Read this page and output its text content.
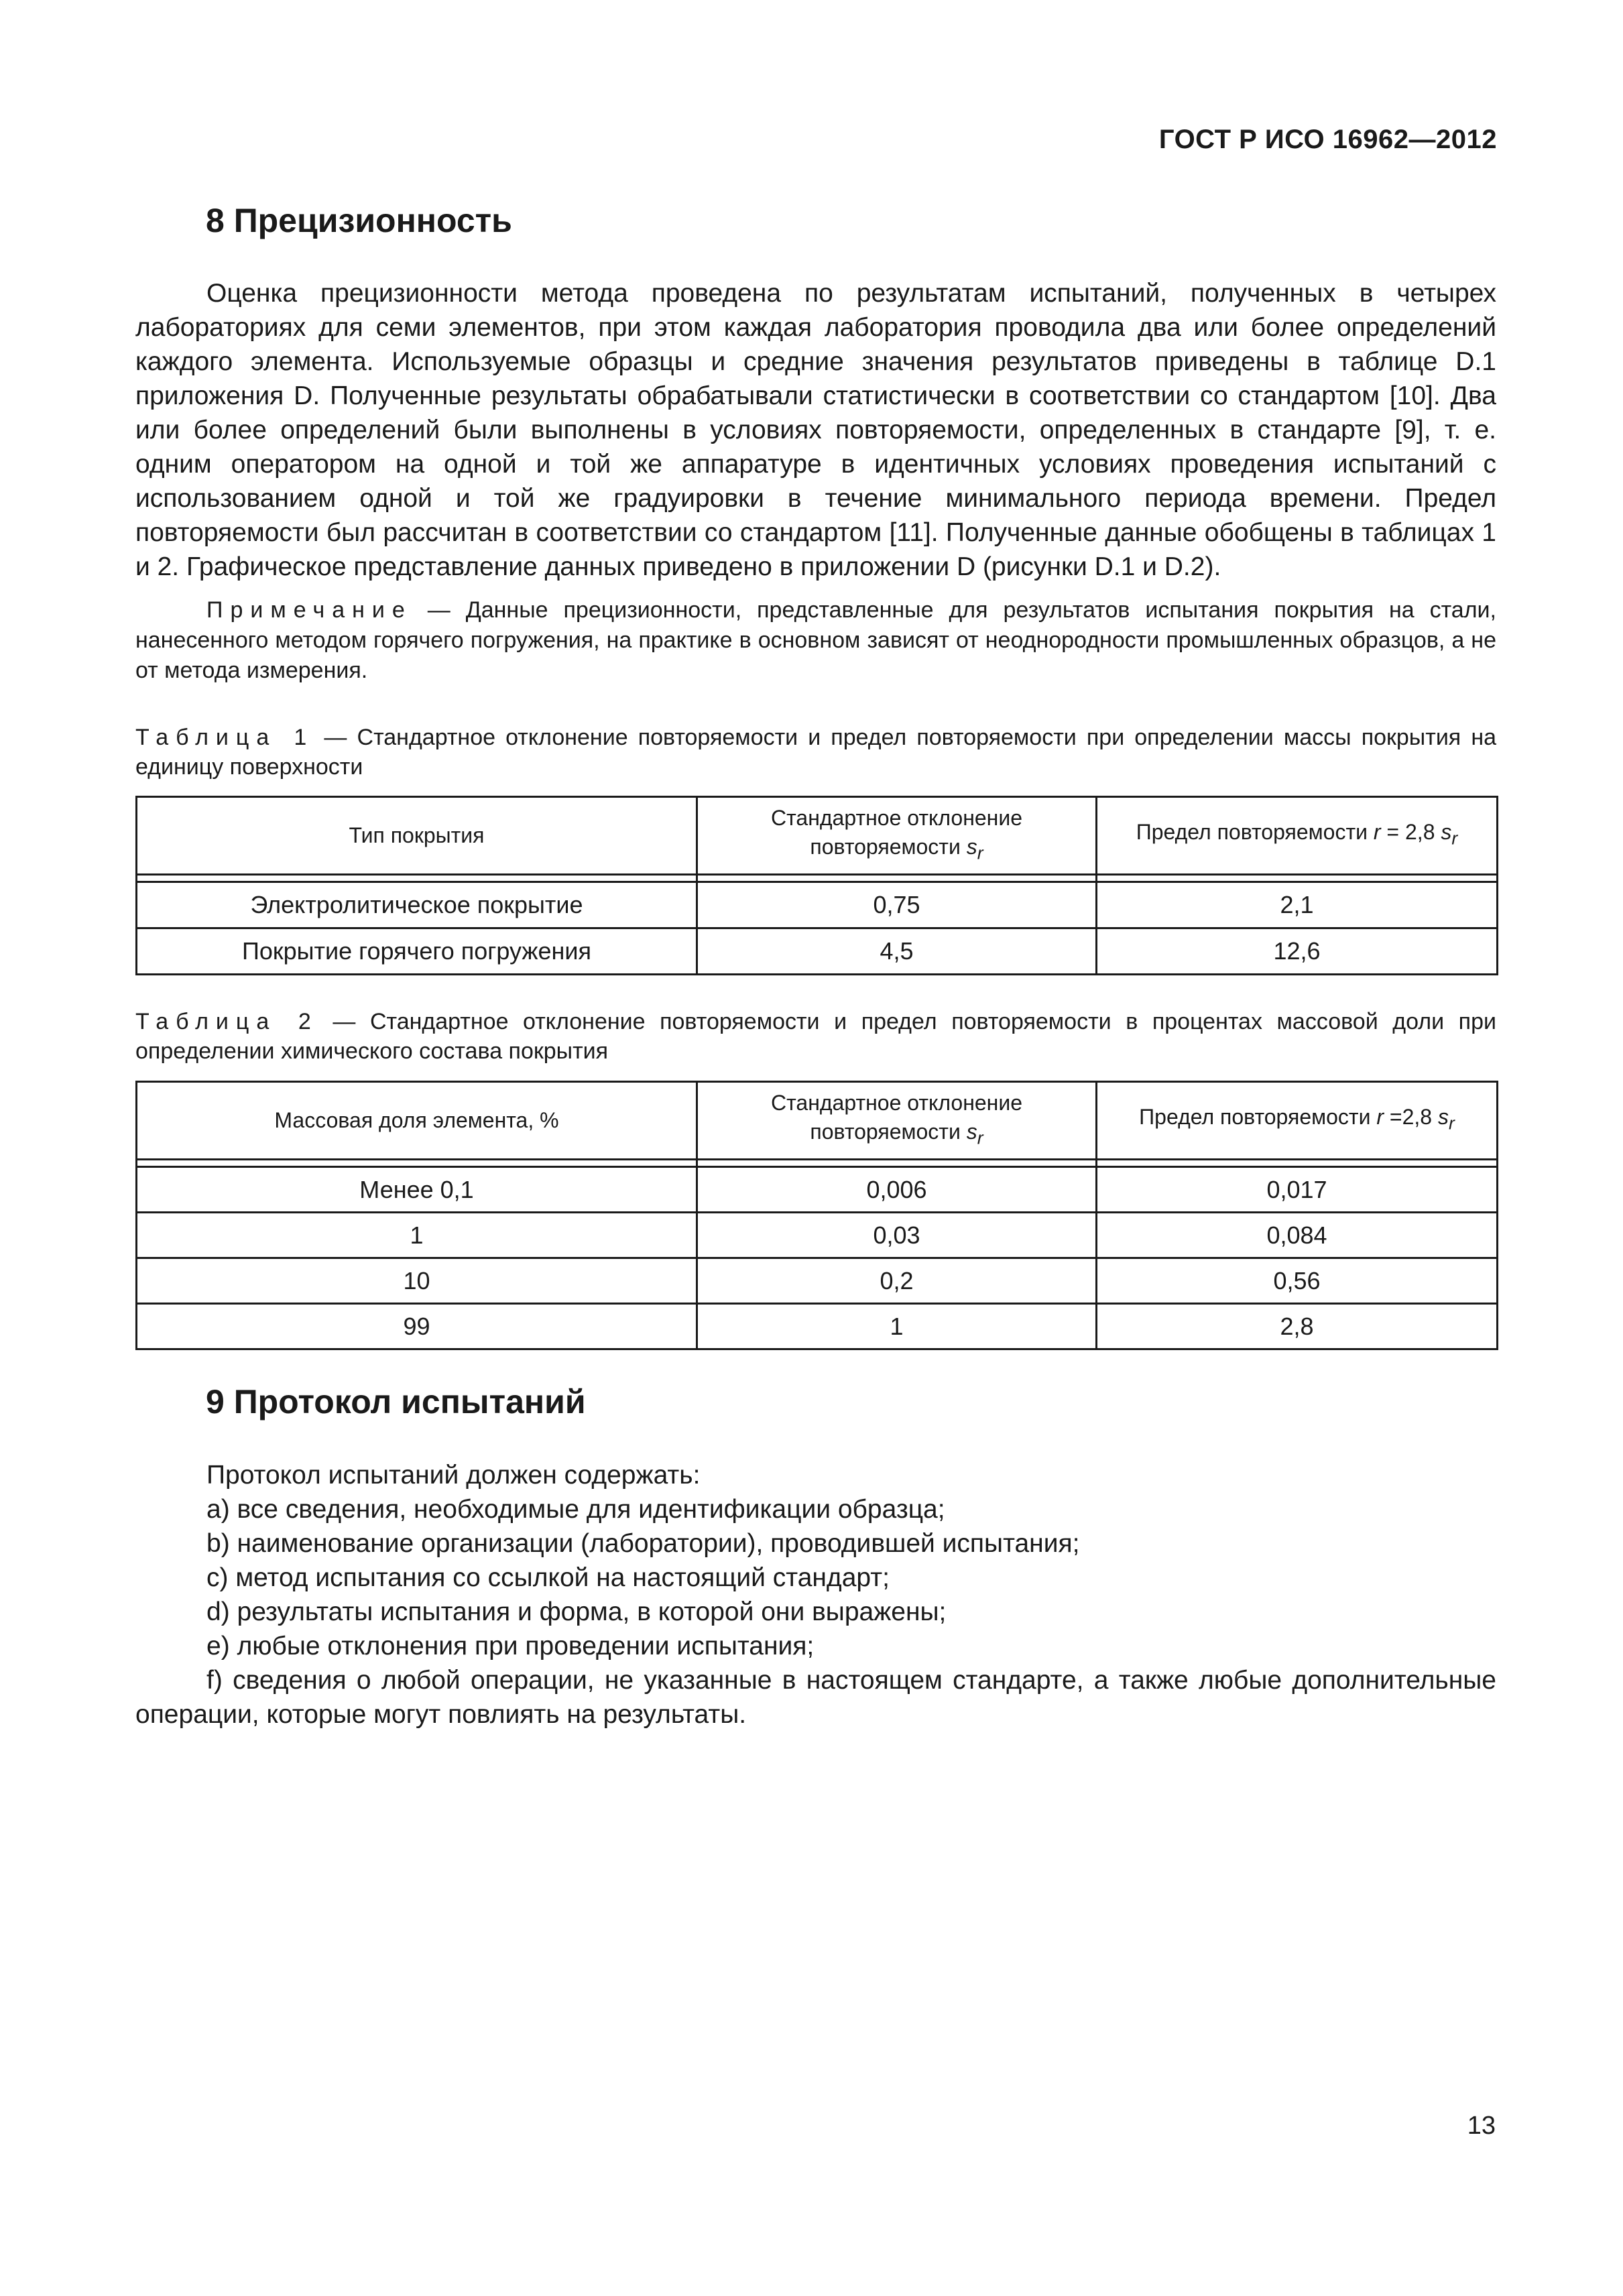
ГОСТ Р ИСО 16962—2012
8 Прецизионность
Оценка прецизионности метода проведена по результатам испытаний, полученных в четырех лабораториях для семи элементов, при этом каждая лаборатория проводила два или более определений каждого элемента. Используемые образцы и средние значения результатов приведены в таблице D.1 приложения D. Полученные результаты обрабатывали статистически в соответствии со стандартом [10]. Два или более определений были выполнены в условиях повторяемости, определенных в стандарте [9], т. е. одним оператором на одной и той же аппаратуре в идентичных условиях проведения испытаний с использованием одной и той же градуировки в течение минимального периода времени. Предел повторяемости был рассчитан в соответствии со стандартом [11]. Полученные данные обобщены в таблицах 1 и 2. Графическое представление данных приведено в приложении D (рисунки D.1 и D.2).
Примечание — Данные прецизионности, представленные для результатов испытания покрытия на стали, нанесенного методом горячего погружения, на практике в основном зависят от неоднородности промышленных образцов, а не от метода измерения.
Таблица 1 — Стандартное отклонение повторяемости и предел повторяемости при определении массы покрытия на единицу поверхности
Тип покрытия	Стандартное отклонение повторяемости $s_r$	Предел повторяемости r = 2,8 $s_r$

Электролитическое покрытие	0,75	2,1
Покрытие горячего погружения	4,5	12,6
Таблица 2 — Стандартное отклонение повторяемости и предел повторяемости в процентах массовой доли при определении химического состава покрытия
Массовая доля элемента, %	Стандартное отклонение повторяемости $s_r$	Предел повторяемости r =2,8 $s_r$

Менее 0,1	0,006	0,017
1	0,03	0,084
10	0,2	0,56
99	1	2,8
9 Протокол испытаний
Протокол испытаний должен содержать:
a) все сведения, необходимые для идентификации образца;
b) наименование организации (лаборатории), проводившей испытания;
c) метод испытания со ссылкой на настоящий стандарт;
d) результаты испытания и форма, в которой они выражены;
e) любые отклонения при проведении испытания;
f) сведения о любой операции, не указанные в настоящем стандарте, а также любые дополнительные операции, которые могут повлиять на результаты.
13
